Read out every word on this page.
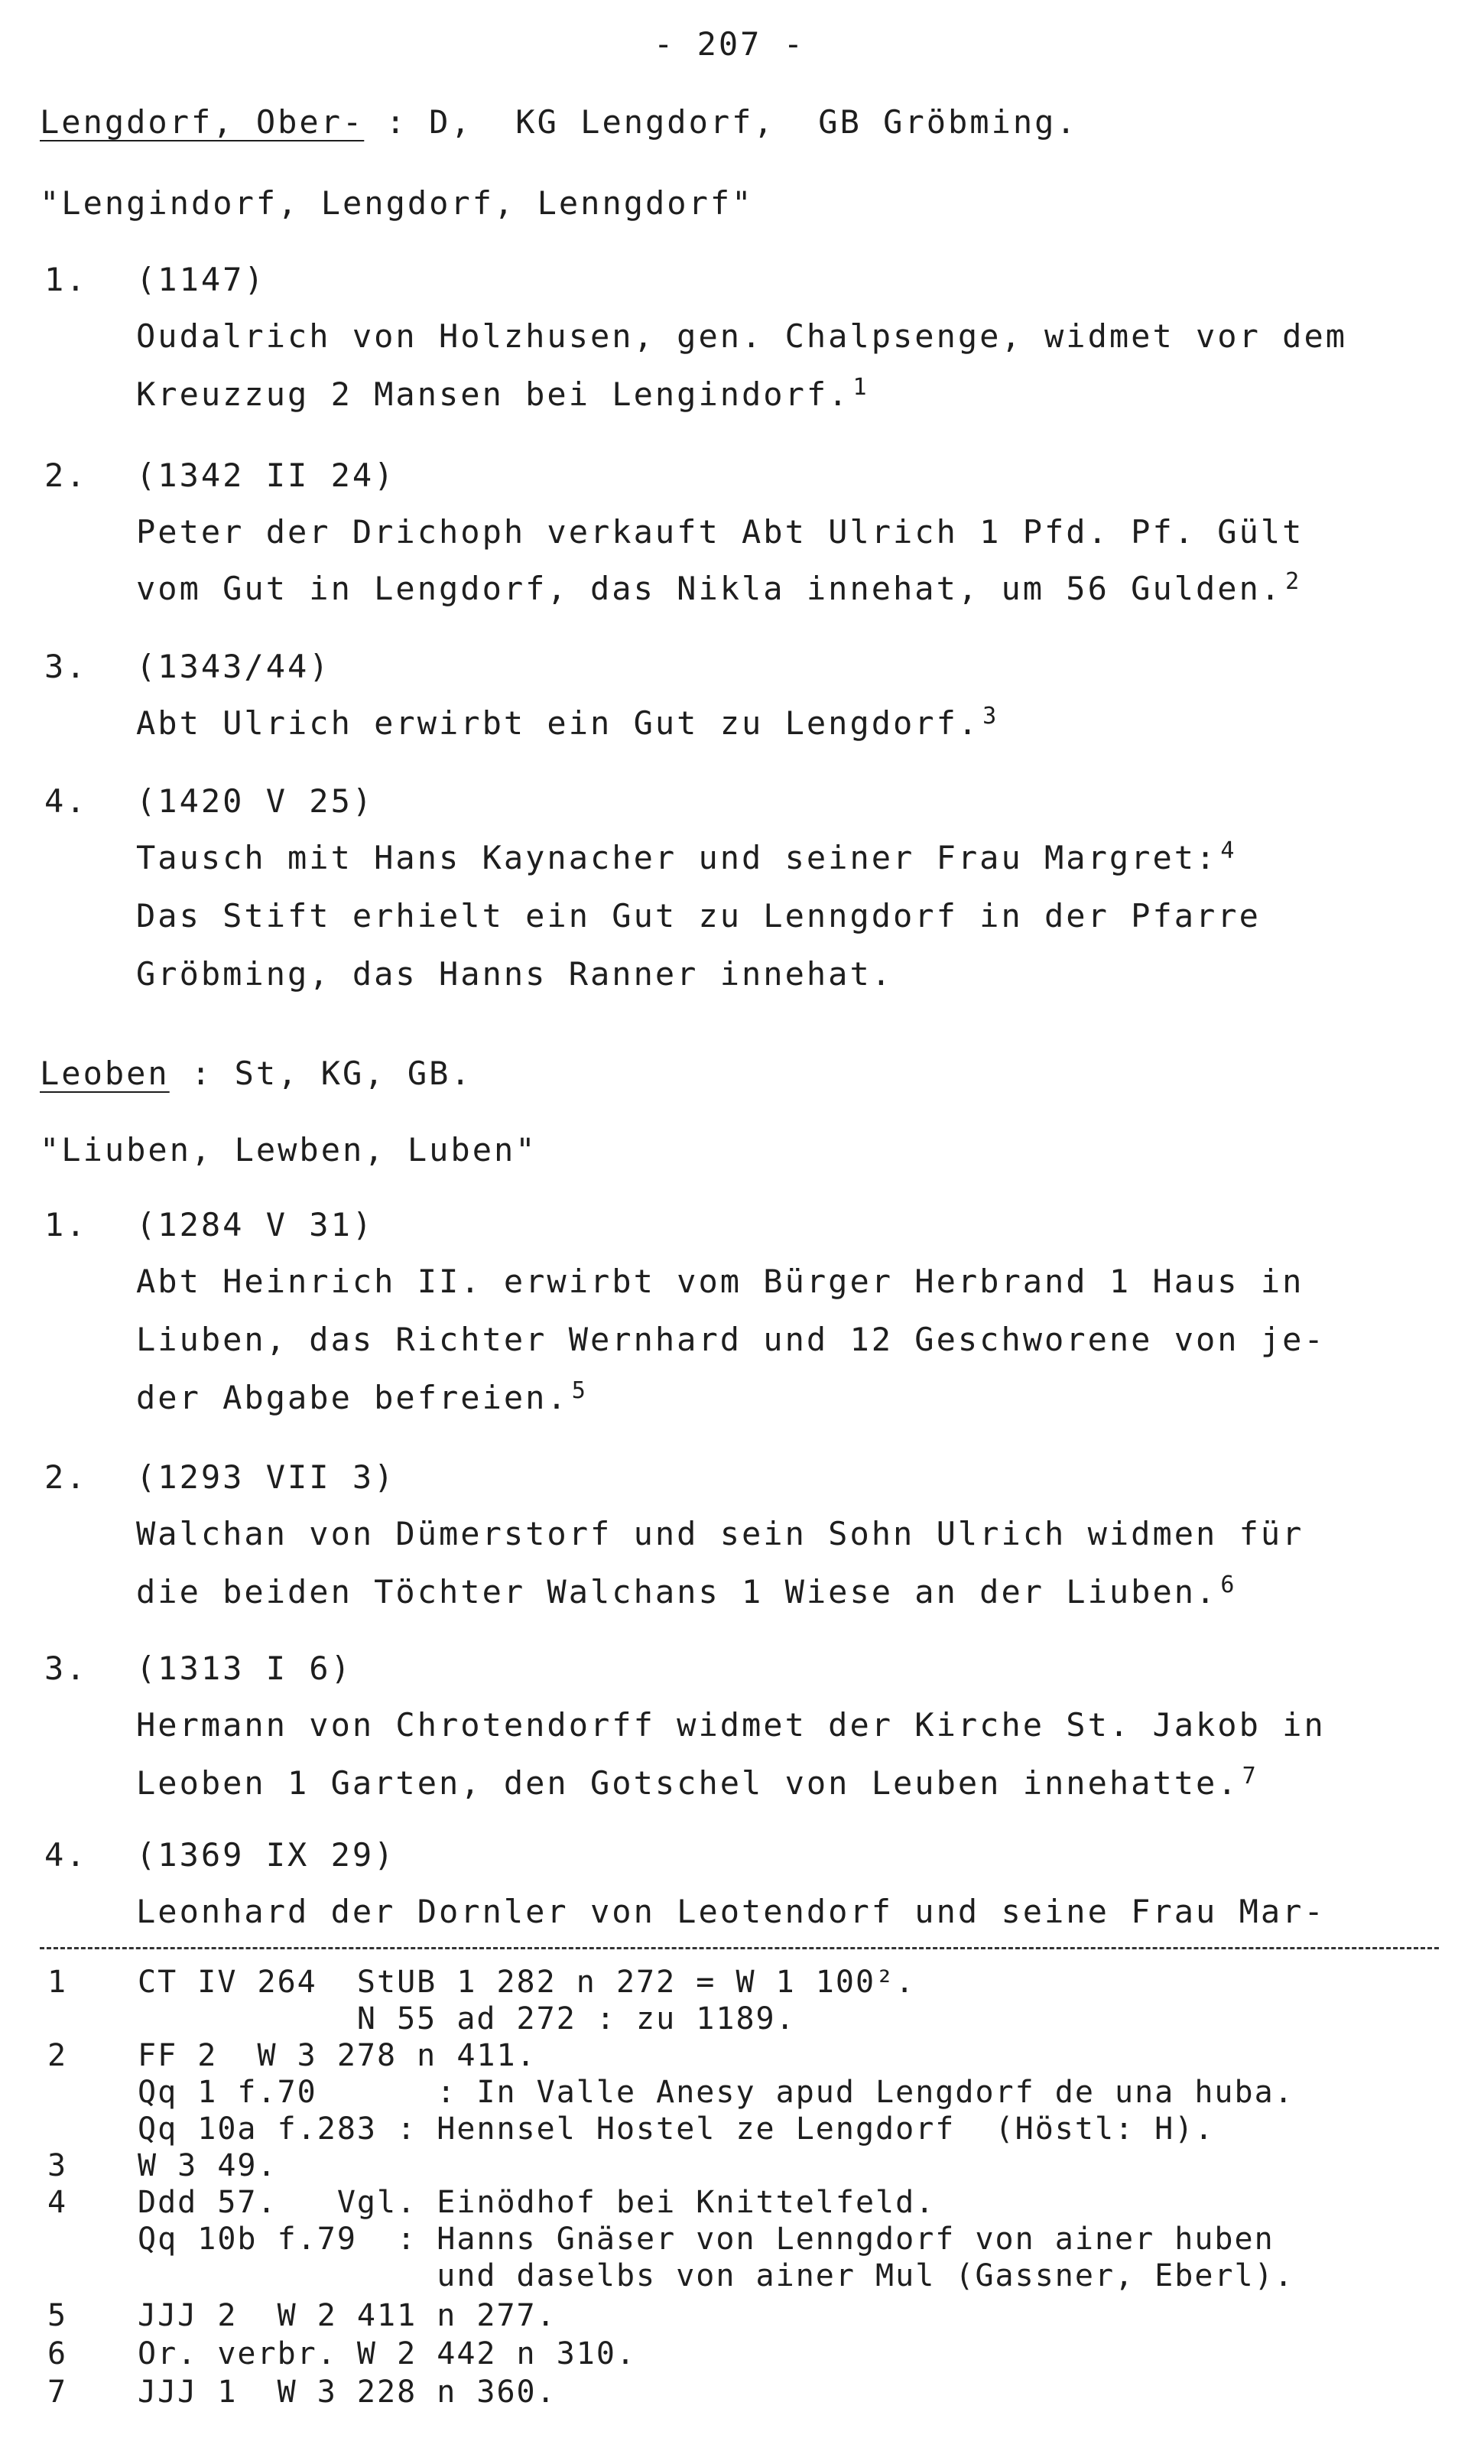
- 207 -
Lengdorf, Ober- : D,  KG Lengdorf,  GB Gröbming.
"Lengindorf, Lengdorf, Lenngdorf"
1. (1147)
Oudalrich von Holzhusen, gen. Chalpsenge, widmet vor dem
Kreuzzug 2 Mansen bei Lengindorf. $^1$
2. (1342 II 24)
Peter der Drichoph verkauft Abt Ulrich 1 Pfd. Pf. Gült
vom Gut in Lengdorf, das Nikla innehat, um 56 Gulden. $^2$
3. (1343/44)
Abt Ulrich erwirbt ein Gut zu Lengdorf. $^3$
4. (1420 V 25)
Tausch mit Hans Kaynacher und seiner Frau Margret: $^4$
Das Stift erhielt ein Gut zu Lenngdorf in der Pfarre
Gröbming, das Hanns Ranner innehat.
Leoben : St, KG, GB.
"Liuben, Lewben, Luben"
1. (1284 V 31)
Abt Heinrich II. erwirbt vom Bürger Herbrand 1 Haus in
Liuben, das Richter Wernhard und 12 Geschworene von je-
der Abgabe befreien. $^5$
2. (1293 VII 3)
Walchan von Dümerstorf und sein Sohn Ulrich widmen für
die beiden Töchter Walchans 1 Wiese an der Liuben. $^6$
3. (1313 I 6)
Hermann von Chrotendorff widmet der Kirche St. Jakob in
Leoben 1 Garten, den Gotschel von Leuben innehatte. $^7$
4. (1369 IX 29)
Leonhard der Dornler von Leotendorf und seine Frau Mar-
1 CT IV 264  StUB 1 282 n 272 = W 1 100².
N 55 ad 272 : zu 1189.
2 FF 2  W 3 278 n 411.
Qq 1 f.70      : In Valle Anesy apud Lengdorf de una huba.
Qq 10a f.283 : Hennsel Hostel ze Lengdorf  (Höstl: H).
3 W 3 49.
4 Ddd 57.   Vgl. Einödhof bei Knittelfeld.
Qq 10b f.79  : Hanns Gnäser von Lenngdorf von ainer huben
und daselbs von ainer Mul (Gassner, Eberl).
5 JJJ 2  W 2 411 n 277.
6 Or. verbr. W 2 442 n 310.
7 JJJ 1  W 3 228 n 360.
